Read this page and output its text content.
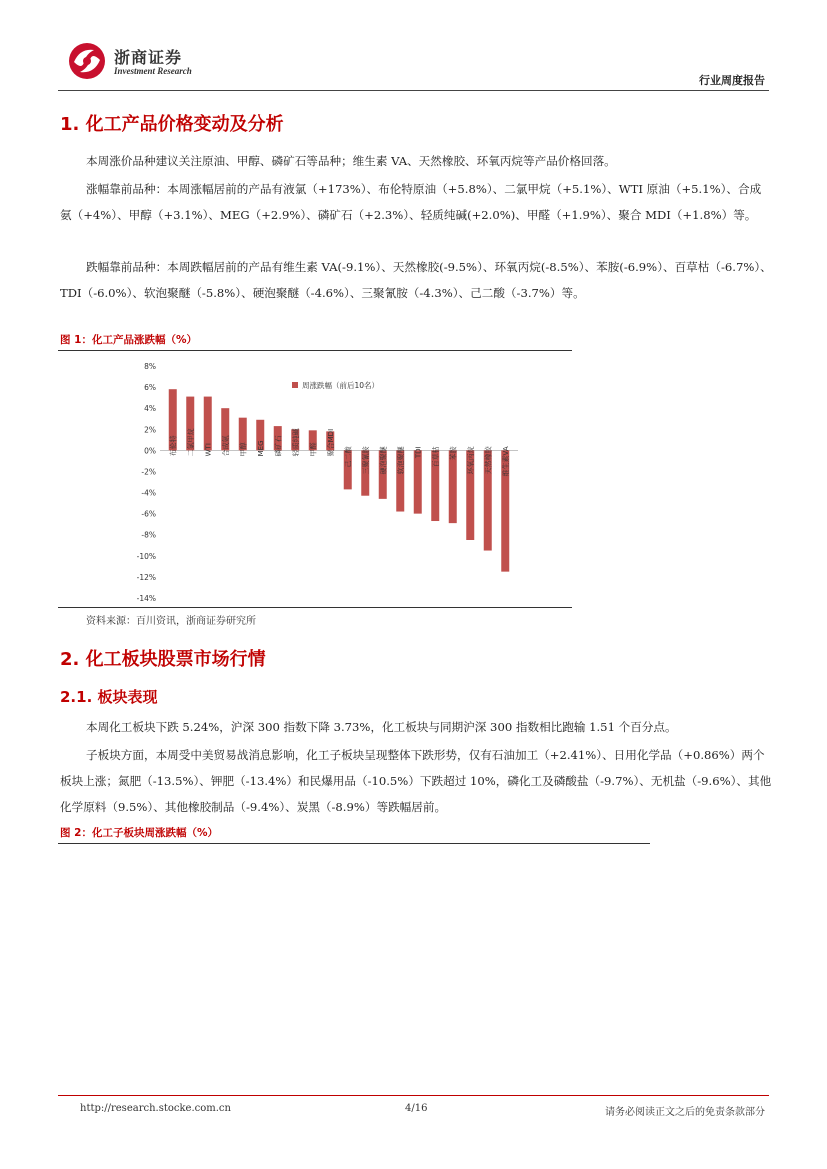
浙商证券
Investment Research
行业周度报告
1. 化工产品价格变动及分析

本周涨价品种建议关注原油、甲醇、磷矿石等品种；维生素 VA、天然橡胶、环氧丙烷等产品价格回落。

涨幅靠前品种：本周涨幅居前的产品有液氯（+173%）、布伦特原油（+5.8%）、二氯甲烷（+5.1%）、WTI 原油（+5.1%）、合成氨（+4%）、甲醇（+3.1%）、MEG（+2.9%）、磷矿石（+2.3%）、轻质纯碱(+2.0%)、甲醛（+1.9%）、聚合 MDI（+1.8%）等。

跌幅靠前品种：本周跌幅居前的产品有维生素 VA(-9.1%）、天然橡胶(-9.5%）、环氧丙烷(-8.5%）、苯胺(-6.9%）、百草枯（-6.7%）、TDI（-6.0%）、软泡聚醚（-5.8%）、硬泡聚醚（-4.6%）、三聚氰胺（-4.3%）、己二酸（-3.7%）等。

图 1：化工产品涨跌幅（%）
8%
6%
4%
2%
0%
-2%
-4%
-6%
-8%
-10%
-12%
-14%
布伦特 二氯甲烷 WTI 合成氨 甲醇 MEG 磷矿石 轻质纯碱 甲醛 聚合MDI
己二酸 三聚氰胺 硬泡聚醚 软泡聚醚 TDI 百草枯 苯胺 环氧丙烷 天然橡胶 维生素VA
周涨跌幅（前后10名）
资料来源：百川资讯，浙商证券研究所
2. 化工板块股票市场行情
2.1. 板块表现

本周化工板块下跌 5.24%，沪深 300 指数下降 3.73%，化工板块与同期沪深 300 指数相比跑输 1.51 个百分点。

子板块方面，本周受中美贸易战消息影响，化工子板块呈现整体下跌形势，仅有石油加工（+2.41%）、日用化学品（+0.86%）两个板块上涨；氮肥（-13.5%）、钾肥（-13.4%）和民爆用品（-10.5%）下跌超过 10%，磷化工及磷酸盐（-9.7%）、无机盐（-9.6%）、其他化学原料（9.5%）、其他橡胶制品（-9.4%）、炭黑（-8.9%）等跌幅居前。

图 2：化工子板块周涨跌幅（%）
http://research.stocke.com.cn	4/16	请务必阅读正文之后的免责条款部分
